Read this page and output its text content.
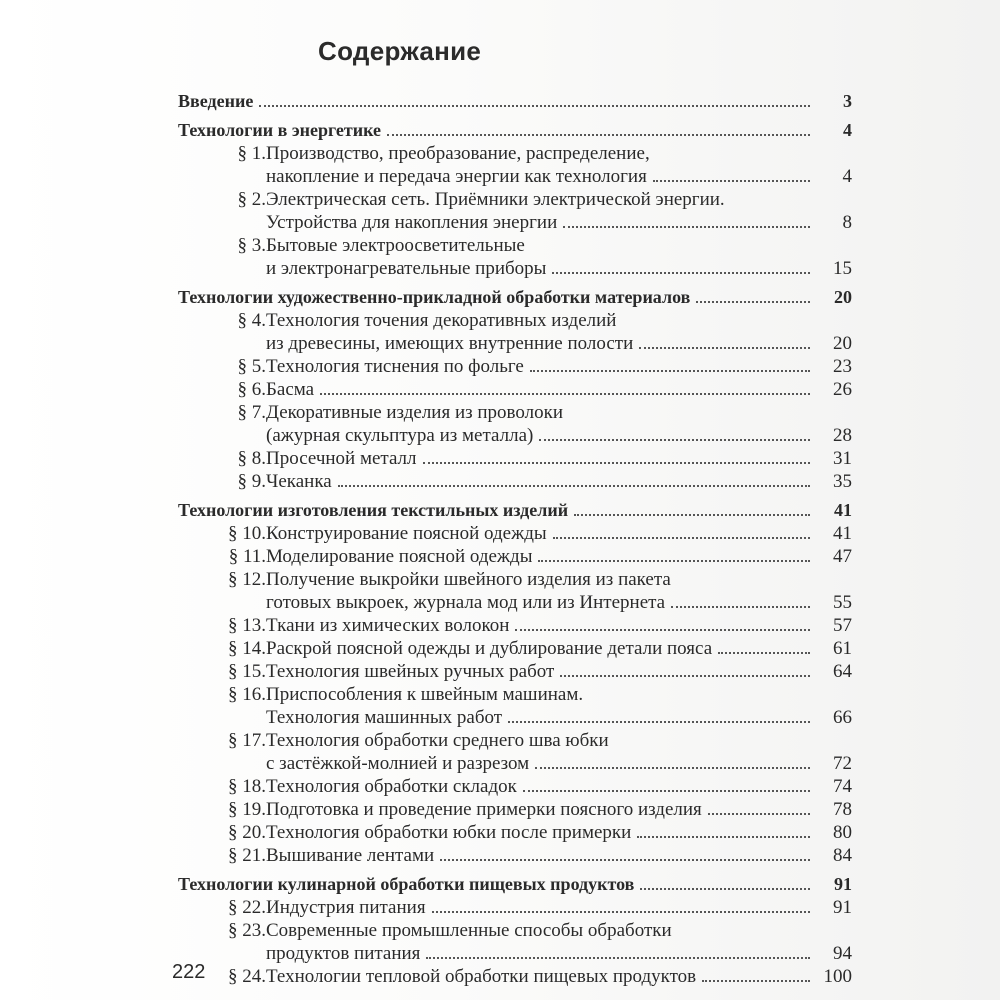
Содержание
Введение	3
Технологии в энергетике	4
§ 1. Производство, преобразование, распределение,
накопление и передача энергии как технология	4
§ 2. Электрическая сеть. Приёмники электрической энергии.
Устройства для накопления энергии	8
§ 3. Бытовые электроосветительные
и электронагревательные приборы	15
Технологии художественно-прикладной обработки материалов	20
§ 4. Технология точения декоративных изделий
из древесины, имеющих внутренние полости	20
§ 5. Технология тиснения по фольге	23
§ 6. Басма	26
§ 7. Декоративные изделия из проволоки
(ажурная скульптура из металла)	28
§ 8. Просечной металл	31
§ 9. Чеканка	35
Технологии изготовления текстильных изделий	41
§ 10. Конструирование поясной одежды	41
§ 11. Моделирование поясной одежды	47
§ 12. Получение выкройки швейного изделия из пакета
готовых выкроек, журнала мод или из Интернета	55
§ 13. Ткани из химических волокон	57
§ 14. Раскрой поясной одежды и дублирование детали пояса	61
§ 15. Технология швейных ручных работ	64
§ 16. Приспособления к швейным машинам.
Технология машинных работ	66
§ 17. Технология обработки среднего шва юбки
с застёжкой-молнией и разрезом	72
§ 18. Технология обработки складок	74
§ 19. Подготовка и проведение примерки поясного изделия	78
§ 20. Технология обработки юбки после примерки	80
§ 21. Вышивание лентами	84
Технологии кулинарной обработки пищевых продуктов	91
§ 22. Индустрия питания	91
§ 23. Современные промышленные способы обработки
продуктов питания	94
§ 24. Технологии тепловой обработки пищевых продуктов	100
222
